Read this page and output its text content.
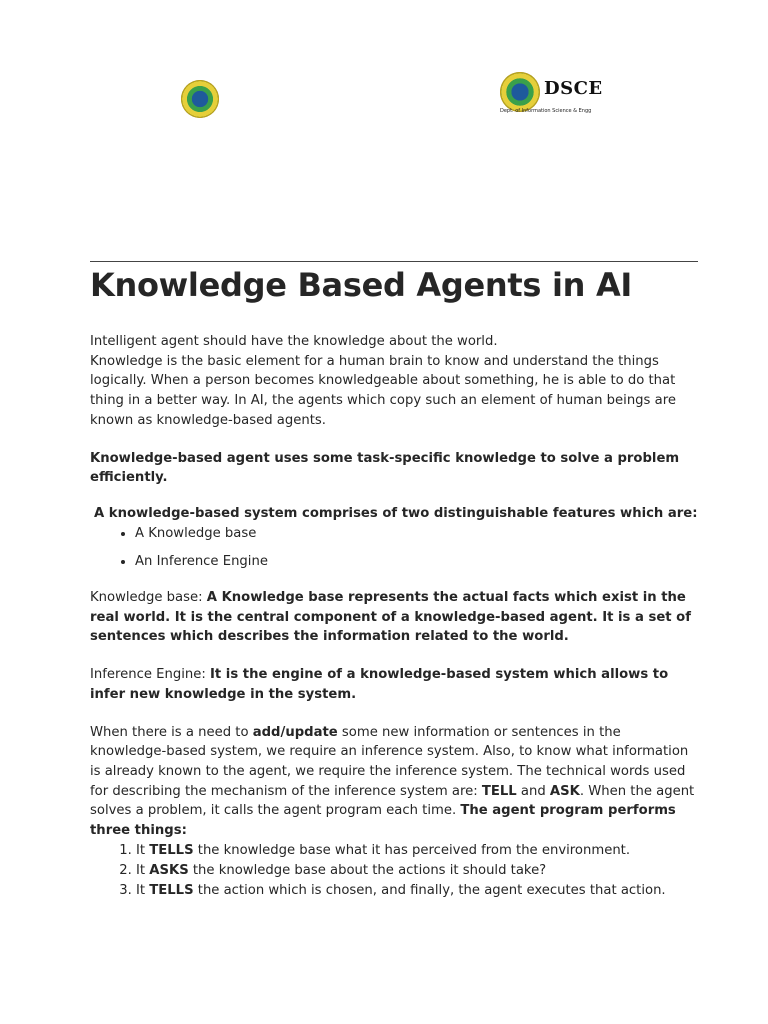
DSCE
Dept. of Information Science & Engg
Knowledge Based Agents in AI

Intelligent agent should have the knowledge about the world.

Knowledge is the basic element for a human brain to know and understand the things logically. When a person becomes knowledgeable about something, he is able to do that thing in a better way. In AI, the agents which copy such an element of human beings are known as knowledge-based agents.

Knowledge-based agent uses some task-specific knowledge to solve a problem efficiently.

A knowledge-based system comprises of two distinguishable features which are:

• A Knowledge base
• An Inference Engine

Knowledge base: A Knowledge base represents the actual facts which exist in the real world. It is the central component of a knowledge-based agent. It is a set of sentences which describes the information related to the world.

Inference Engine: It is the engine of a knowledge-based system which allows to infer new knowledge in the system.

When there is a need to add/update some new information or sentences in the knowledge-based system, we require an inference system. Also, to know what information is already known to the agent, we require the inference system. The technical words used for describing the mechanism of the inference system are: TELL and ASK. When the agent solves a problem, it calls the agent program each time. The agent program performs three things:

1. It TELLS the knowledge base what it has perceived from the environment.
2. It ASKS the knowledge base about the actions it should take?
3. It TELLS the action which is chosen, and finally, the agent executes that action.
